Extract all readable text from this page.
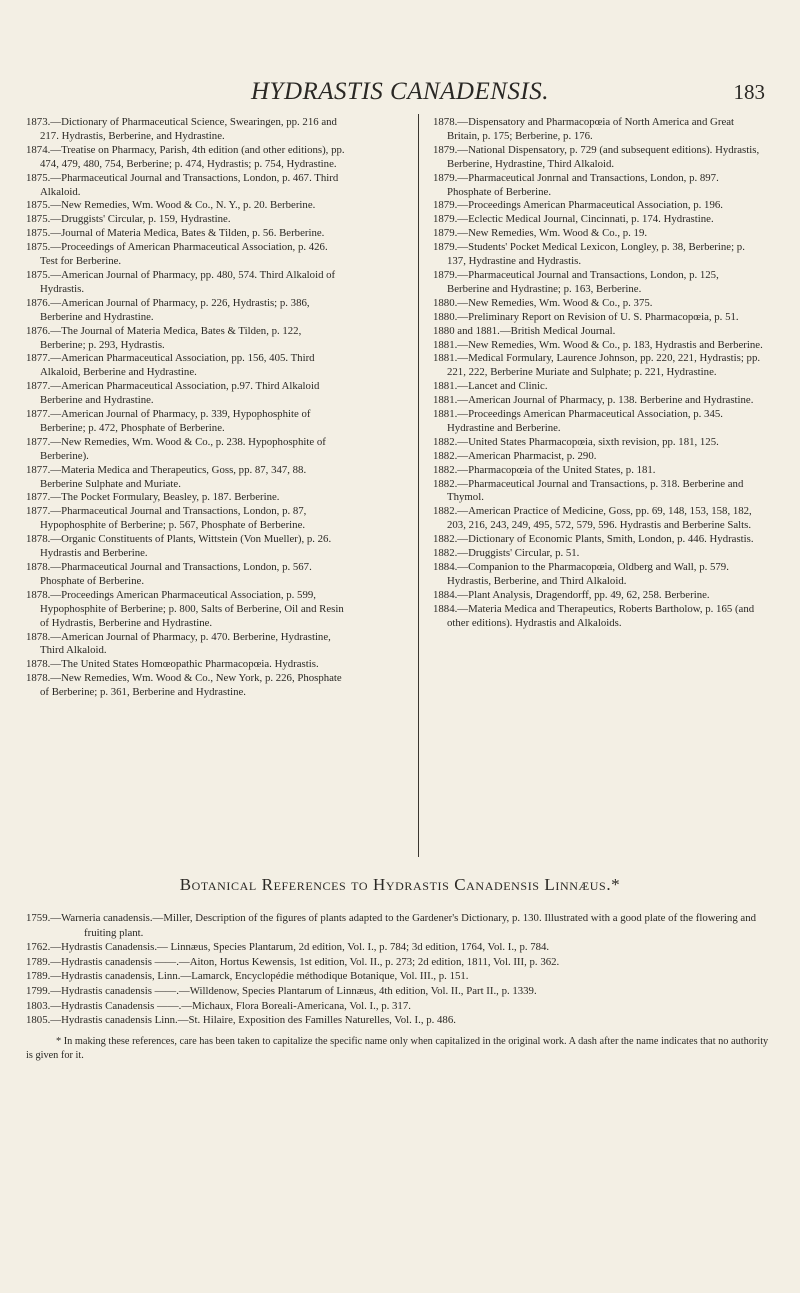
HYDRASTIS CANADENSIS.	183

1873.—Dictionary of Pharmaceutical Science, Swearingen, pp. 216 and 217. Hydrastis, Berberine, and Hydrastine.

1874.—Treatise on Pharmacy, Parish, 4th edition (and other editions), pp. 474, 479, 480, 754, Berberine; p. 474, Hydrastis; p. 754, Hydrastine.

1875.—Pharmaceutical Journal and Transactions, London, p. 467. Third Alkaloid.

1875.—New Remedies, Wm. Wood & Co., N. Y., p. 20. Berberine.

1875.—Druggists' Circular, p. 159, Hydrastine.

1875.—Journal of Materia Medica, Bates & Tilden, p. 56. Berberine.

1875.—Proceedings of American Pharmaceutical Association, p. 426. Test for Berberine.

1875.—American Journal of Pharmacy, pp. 480, 574. Third Alkaloid of Hydrastis.

1876.—American Journal of Pharmacy, p. 226, Hydrastis; p. 386, Berberine and Hydrastine.

1876.—The Journal of Materia Medica, Bates & Tilden, p. 122, Berberine; p. 293, Hydrastis.

1877.—American Pharmaceutical Association, pp. 156, 405. Third Alkaloid, Berberine and Hydrastine.

1877.—American Pharmaceutical Association, p.97. Third Alkaloid Berberine and Hydrastine.

1877.—American Journal of Pharmacy, p. 339, Hypophosphite of Berberine; p. 472, Phosphate of Berberine.

1877.—New Remedies, Wm. Wood & Co., p. 238. Hypophosphite of Berberine).

1877.—Materia Medica and Therapeutics, Goss, pp. 87, 347, 88. Berberine Sulphate and Muriate.

1877.—The Pocket Formulary, Beasley, p. 187. Berberine.

1877.—Pharmaceutical Journal and Transactions, London, p. 87, Hypophosphite of Berberine; p. 567, Phosphate of Berberine.

1878.—Organic Constituents of Plants, Wittstein (Von Mueller), p. 26. Hydrastis and Berberine.

1878.—Pharmaceutical Journal and Transactions, London, p. 567. Phosphate of Berberine.

1878.—Proceedings American Pharmaceutical Association, p. 599, Hypophosphite of Berberine; p. 800, Salts of Berberine, Oil and Resin of Hydrastis, Berberine and Hydrastine.

1878.—American Journal of Pharmacy, p. 470. Berberine, Hydrastine, Third Alkaloid.

1878.—The United States Homœopathic Pharmacopœia. Hydrastis.

1878.—New Remedies, Wm. Wood & Co., New York, p. 226, Phosphate of Berberine; p. 361, Berberine and Hydrastine.

1878.—Dispensatory and Pharmacopœia of North America and Great Britain, p. 175; Berberine, p. 176.

1879.—National Dispensatory, p. 729 (and subsequent editions). Hydrastis, Berberine, Hydrastine, Third Alkaloid.

1879.—Pharmaceutical Jonrnal and Transactions, London, p. 897. Phosphate of Berberine.

1879.—Proceedings American Pharmaceutical Association, p. 196.

1879.—Eclectic Medical Journal, Cincinnati, p. 174. Hydrastine.

1879.—New Remedies, Wm. Wood & Co., p. 19.

1879.—Students' Pocket Medical Lexicon, Longley, p. 38, Berberine; p. 137, Hydrastine and Hydrastis.

1879.—Pharmaceutical Journal and Transactions, London, p. 125, Berberine and Hydrastine; p. 163, Berberine.

1880.—New Remedies, Wm. Wood & Co., p. 375.

1880.—Preliminary Report on Revision of U. S. Pharmacopœia, p. 51.

1880 and 1881.—British Medical Journal.

1881.—New Remedies, Wm. Wood & Co., p. 183, Hydrastis and Berberine.

1881.—Medical Formulary, Laurence Johnson, pp. 220, 221, Hydrastis; pp. 221, 222, Berberine Muriate and Sulphate; p. 221, Hydrastine.

1881.—Lancet and Clinic.

1881.—American Journal of Pharmacy, p. 138. Berberine and Hydrastine.

1881.—Proceedings American Pharmaceutical Association, p. 345. Hydrastine and Berberine.

1882.—United States Pharmacopœia, sixth revision, pp. 181, 125.

1882.—American Pharmacist, p. 290.

1882.—Pharmacopœia of the United States, p. 181.

1882.—Pharmaceutical Journal and Transactions, p. 318. Berberine and Thymol.

1882.—American Practice of Medicine, Goss, pp. 69, 148, 153, 158, 182, 203, 216, 243, 249, 495, 572, 579, 596. Hydrastis and Berberine Salts.

1882.—Dictionary of Economic Plants, Smith, London, p. 446. Hydrastis.

1882.—Druggists' Circular, p. 51.

1884.—Companion to the Pharmacopœia, Oldberg and Wall, p. 579. Hydrastis, Berberine, and Third Alkaloid.

1884.—Plant Analysis, Dragendorff, pp. 49, 62, 258. Berberine.

1884.—Materia Medica and Therapeutics, Roberts Bartholow, p. 165 (and other editions). Hydrastis and Alkaloids.

Botanical References to Hydrastis Canadensis Linnæus.*

1759.—Warneria canadensis.—Miller, Description of the figures of plants adapted to the Gardener's Dictionary, p. 130. Illustrated with a good plate of the flowering and fruiting plant.

1762.—Hydrastis Canadensis.— Linnæus, Species Plantarum, 2d edition, Vol. I., p. 784; 3d edition, 1764, Vol. I., p. 784.

1789.—Hydrastis canadensis ——.—Aiton, Hortus Kewensis, 1st edition, Vol. II., p. 273; 2d edition, 1811, Vol. III, p. 362.

1789.—Hydrastis canadensis, Linn.—Lamarck, Encyclopédie méthodique Botanique, Vol. III., p. 151.

1799.—Hydrastis canadensis ——.—Willdenow, Species Plantarum of Linnæus, 4th edition, Vol. II., Part II., p. 1339.

1803.—Hydrastis Canadensis ——.—Michaux, Flora Boreali-Americana, Vol. I., p. 317.

1805.—Hydrastis canadensis Linn.—St. Hilaire, Exposition des Familles Naturelles, Vol. I., p. 486.

* In making these references, care has been taken to capitalize the specific name only when capitalized in the original work. A dash after the name indicates that no authority is given for it.
